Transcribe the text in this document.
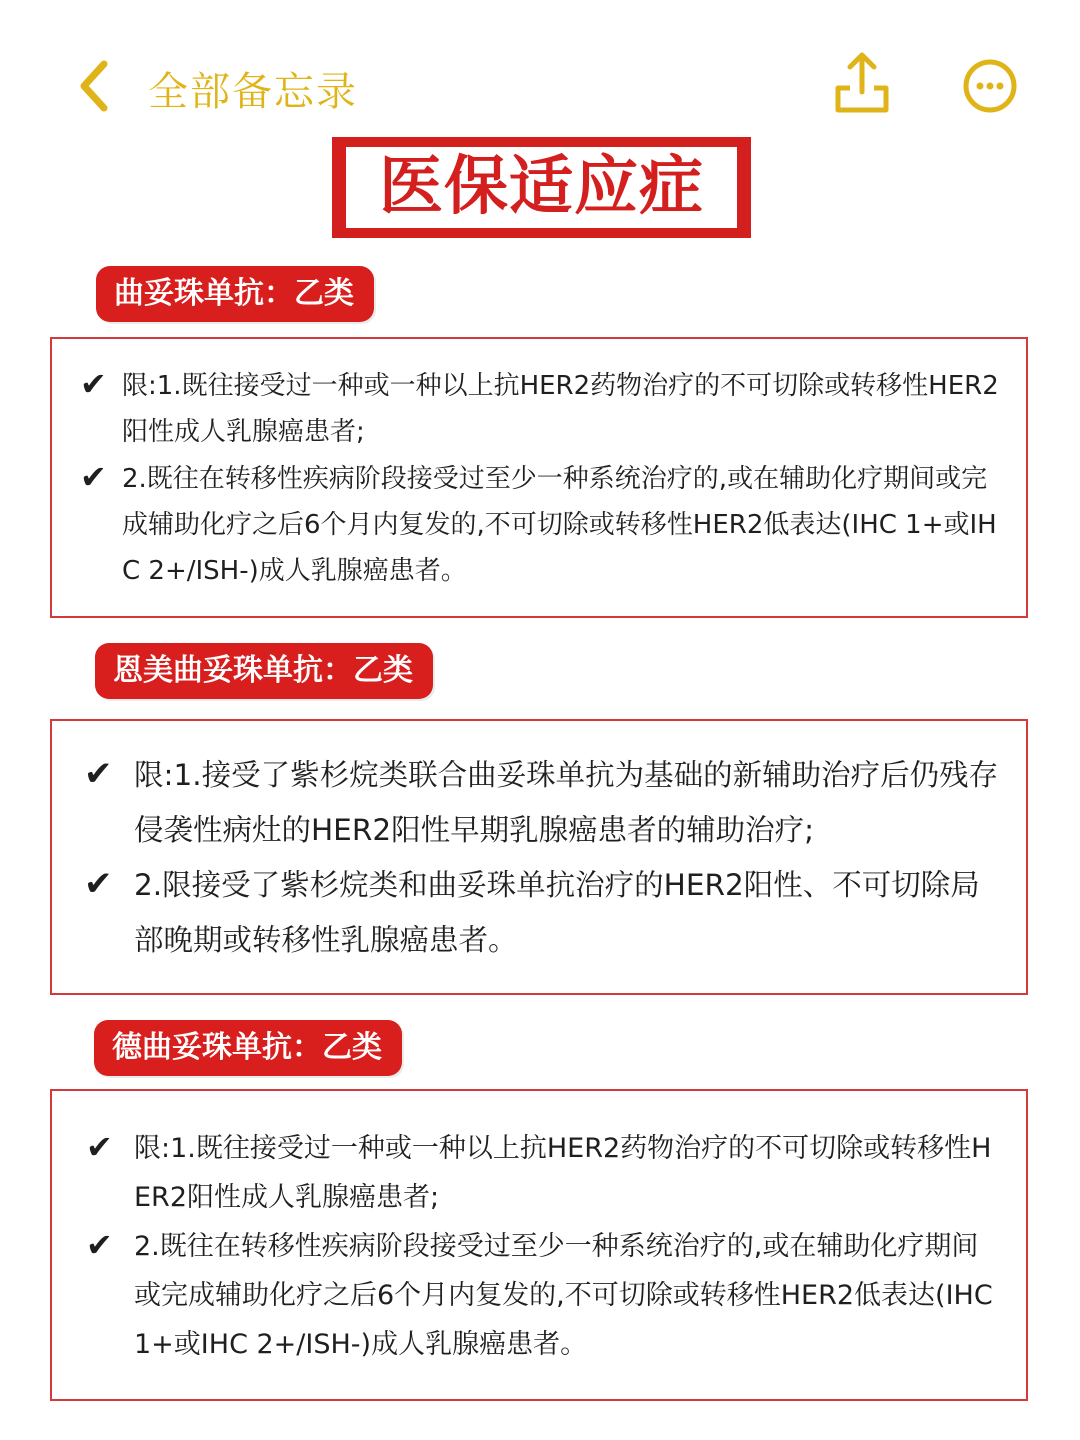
全部备忘录
医保适应症
曲妥珠单抗：乙类
✔ 限:1.既往接受过一种或一种以上抗HER2药物治疗的不可切除或转移性HER2阳性成人乳腺癌患者;
✔ 2.既往在转移性疾病阶段接受过至少一种系统治疗的,或在辅助化疗期间或完成辅助化疗之后6个月内复发的,不可切除或转移性HER2低表达(IHC 1+或IHC 2+/ISH-)成人乳腺癌患者。
恩美曲妥珠单抗：乙类
✔ 限:1.接受了紫杉烷类联合曲妥珠单抗为基础的新辅助治疗后仍残存侵袭性病灶的HER2阳性早期乳腺癌患者的辅助治疗;
✔ 2.限接受了紫杉烷类和曲妥珠单抗治疗的HER2阳性、不可切除局部晚期或转移性乳腺癌患者。
德曲妥珠单抗：乙类
✔ 限:1.既往接受过一种或一种以上抗HER2药物治疗的不可切除或转移性HER2阳性成人乳腺癌患者;
✔ 2.既往在转移性疾病阶段接受过至少一种系统治疗的,或在辅助化疗期间或完成辅助化疗之后6个月内复发的,不可切除或转移性HER2低表达(IHC 1+或IHC 2+/ISH-)成人乳腺癌患者。
